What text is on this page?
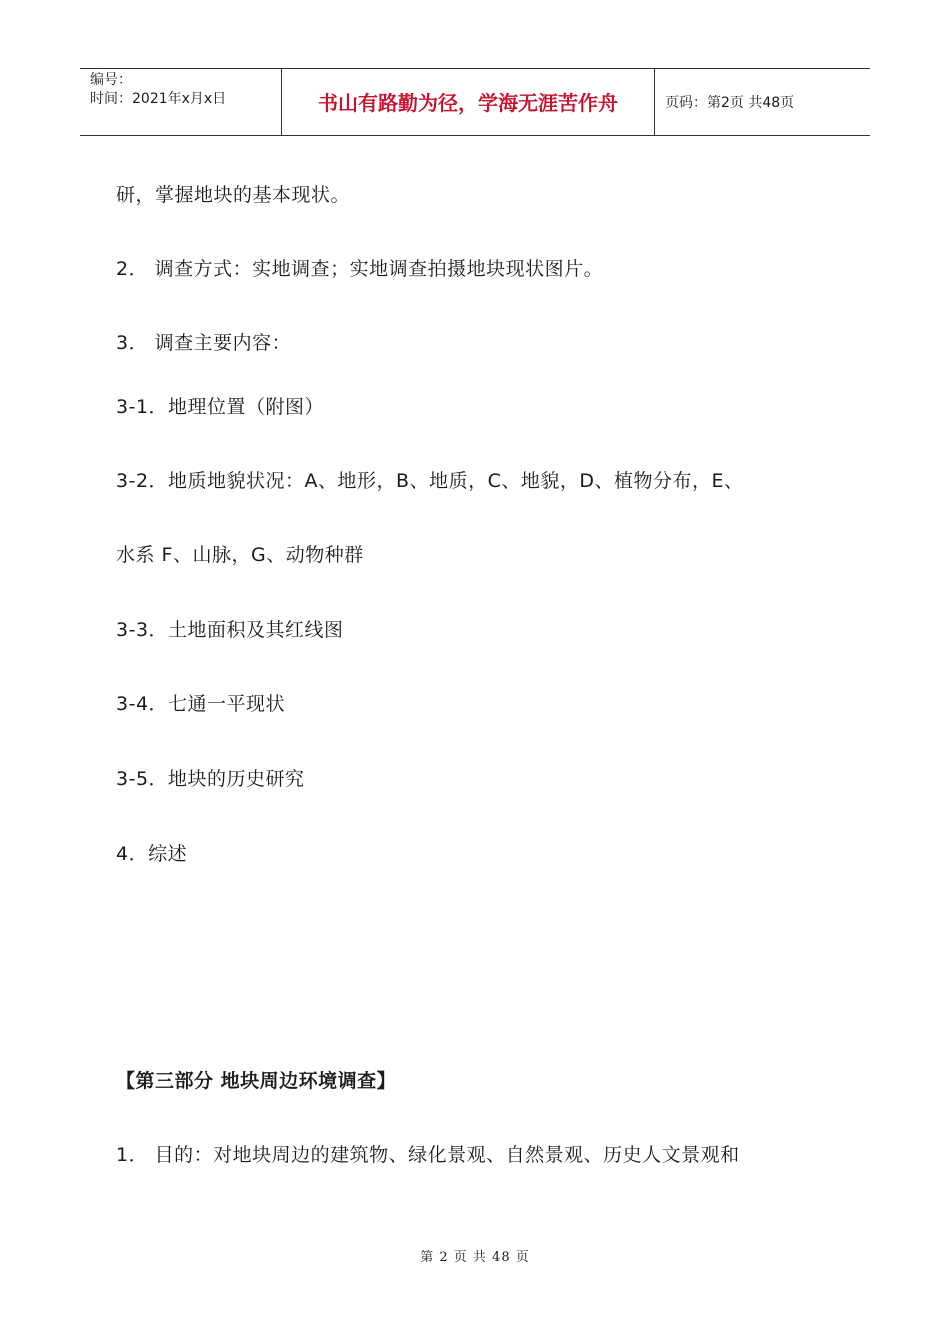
编号：
时间：2021年x月x日	书山有路勤为径，学海无涯苦作舟	页码：第2页 共48页
研，掌握地块的基本现状。
2． 调查方式：实地调查；实地调查拍摄地块现状图片。
3． 调查主要内容：
3-1．地理位置（附图）
3-2．地质地貌状况：A、地形，B、地质，C、地貌，D、植物分布，E、
水系 F、山脉，G、动物种群
3-3．土地面积及其红线图
3-4．七通一平现状
3-5．地块的历史研究
4．综述
【第三部分 地块周边环境调查】
1． 目的：对地块周边的建筑物、绿化景观、自然景观、历史人文景观和
第 2 页 共 48 页
